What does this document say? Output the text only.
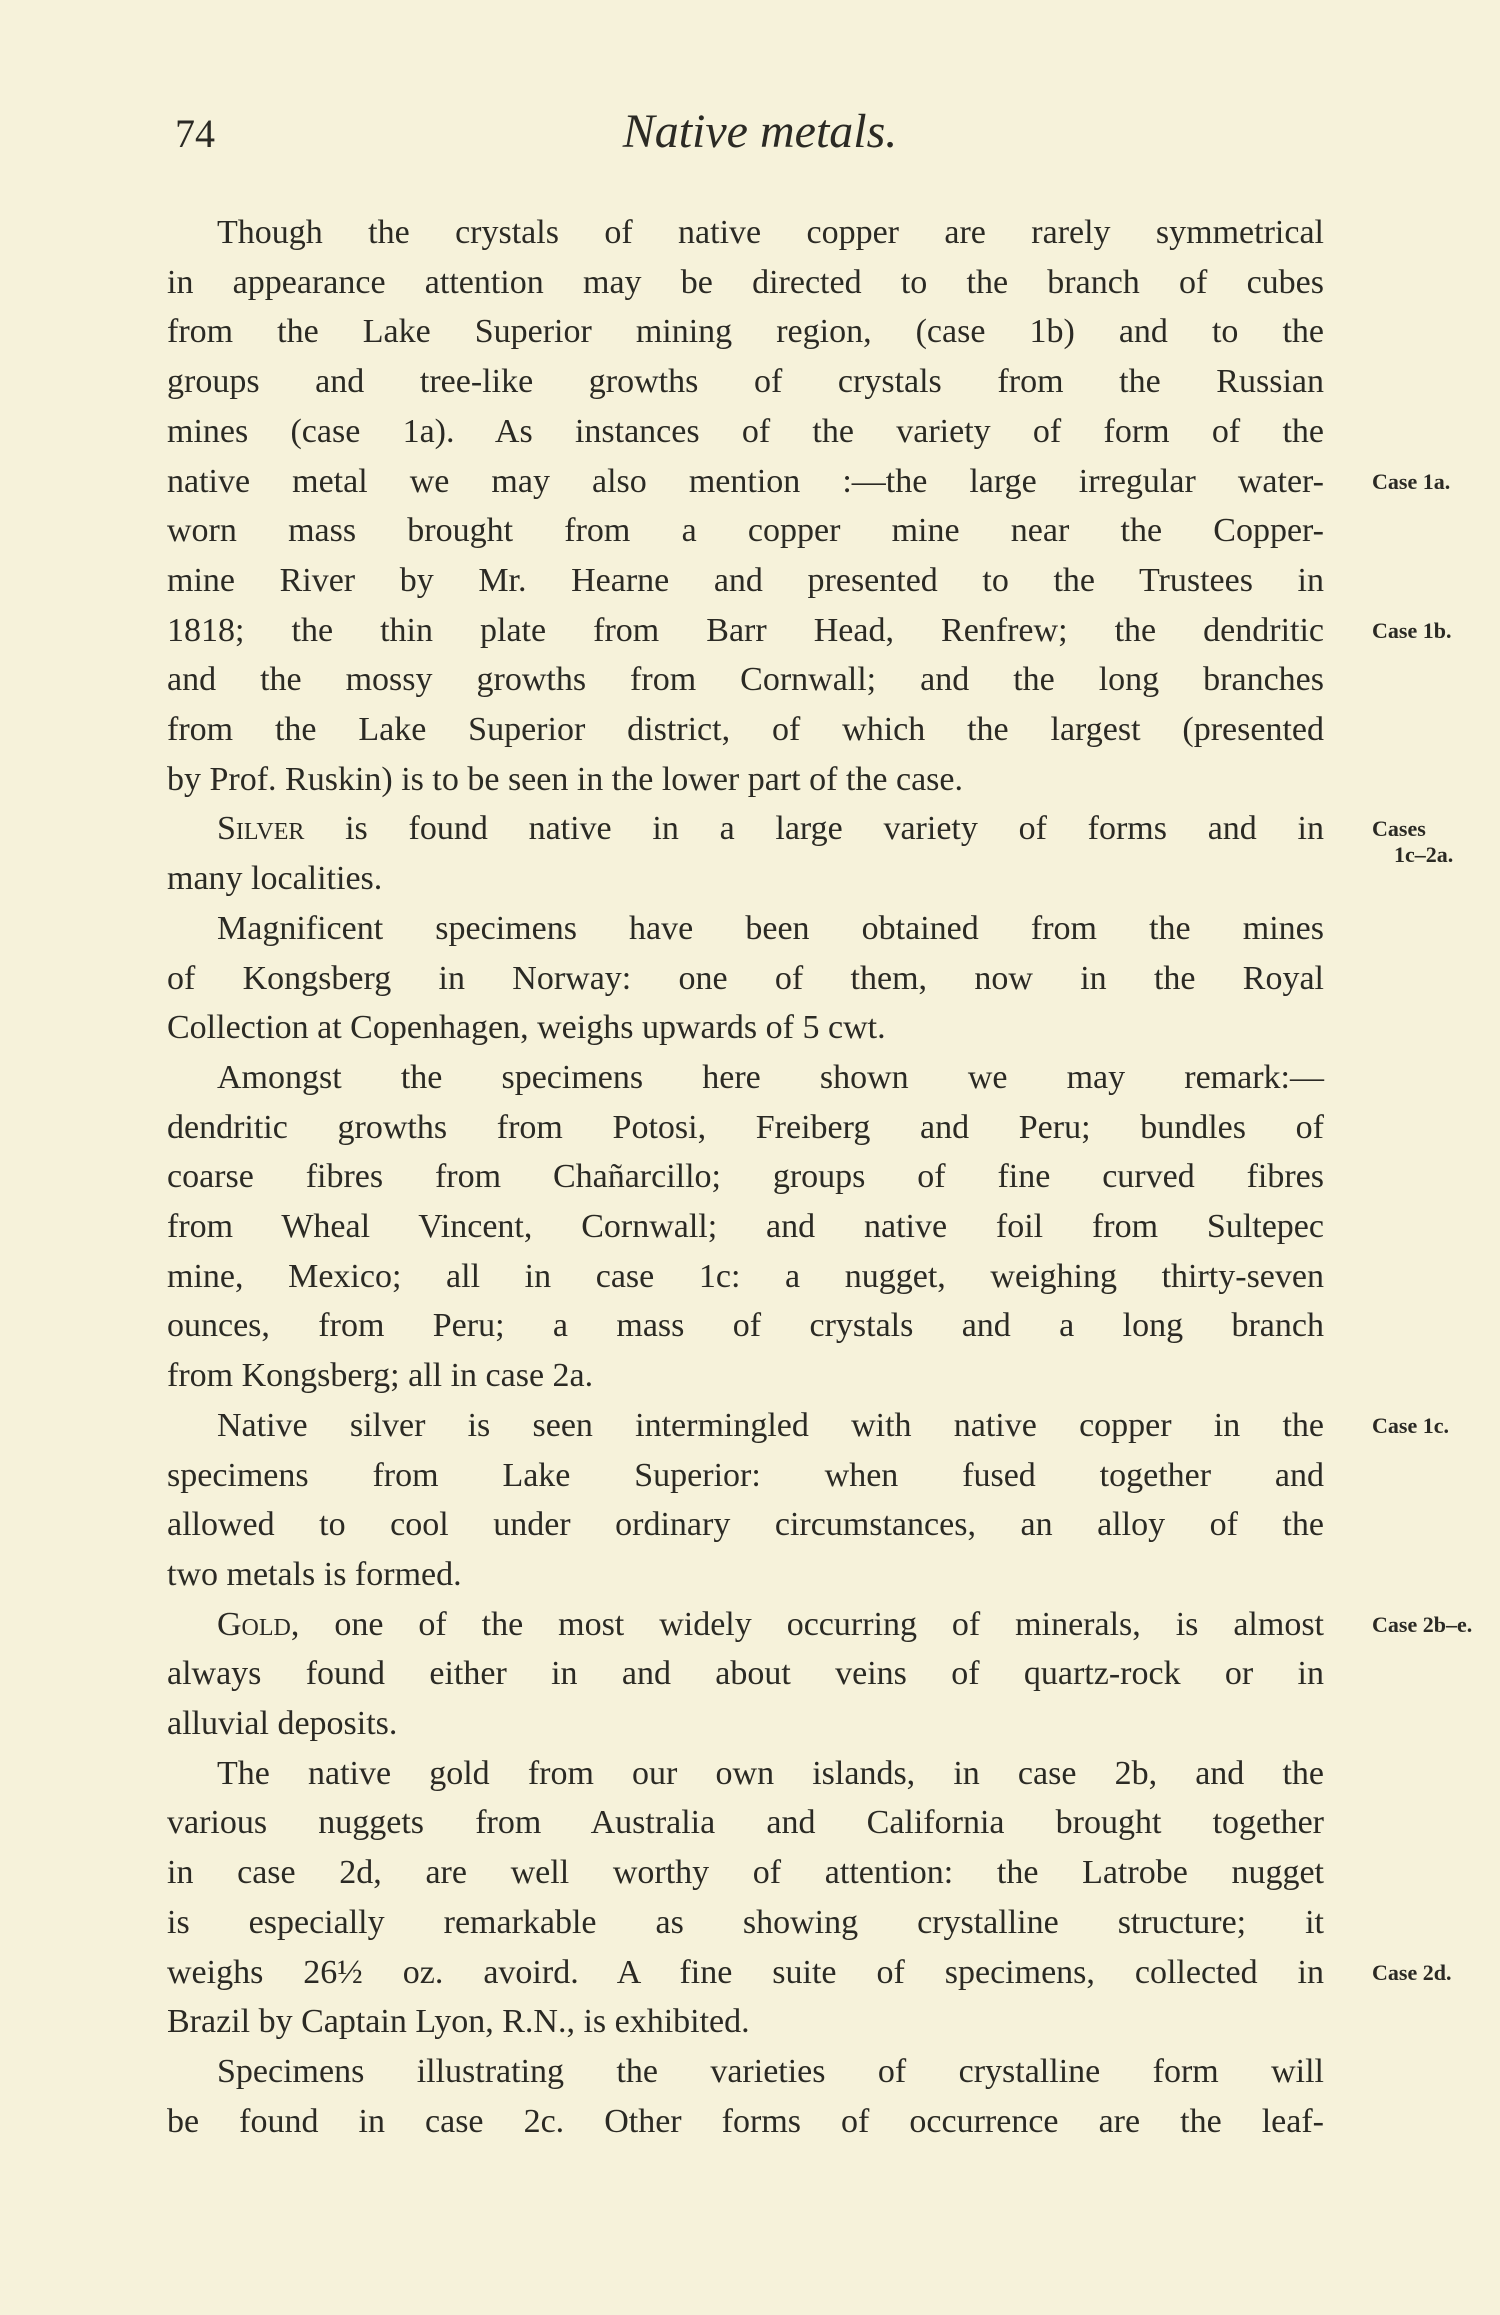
74	Native metals.
Though the crystals of native copper are rarely symmetrical
in appearance attention may be directed to the branch of cubes
from the Lake Superior mining region, (case 1b) and to the
groups and tree-like growths of crystals from the Russian
mines (case 1a). As instances of the variety of form of the
native metal we may also mention :—the large irregular water- Case 1a.
worn mass brought from a copper mine near the Copper-
mine River by Mr. Hearne and presented to the Trustees in
1818; the thin plate from Barr Head, Renfrew; the dendritic Case 1b.
and the mossy growths from Cornwall; and the long branches
from the Lake Superior district, of which the largest (presented
by Prof. Ruskin) is to be seen in the lower part of the case.
Silver is found native in a large variety of forms and in Cases
1c–2a.
many localities.
Magnificent specimens have been obtained from the mines
of Kongsberg in Norway: one of them, now in the Royal
Collection at Copenhagen, weighs upwards of 5 cwt.
Amongst the specimens here shown we may remark:—
dendritic growths from Potosi, Freiberg and Peru; bundles of
coarse fibres from Chañarcillo; groups of fine curved fibres
from Wheal Vincent, Cornwall; and native foil from Sultepec
mine, Mexico; all in case 1c: a nugget, weighing thirty-seven
ounces, from Peru; a mass of crystals and a long branch
from Kongsberg; all in case 2a.
Native silver is seen intermingled with native copper in the Case 1c.
specimens from Lake Superior: when fused together and
allowed to cool under ordinary circumstances, an alloy of the
two metals is formed.
Gold, one of the most widely occurring of minerals, is almost Case 2b–e.
always found either in and about veins of quartz-rock or in
alluvial deposits.
The native gold from our own islands, in case 2b, and the
various nuggets from Australia and California brought together
in case 2d, are well worthy of attention: the Latrobe nugget
is especially remarkable as showing crystalline structure; it
weighs 26½ oz. avoird. A fine suite of specimens, collected in Case 2d.
Brazil by Captain Lyon, R.N., is exhibited.
Specimens illustrating the varieties of crystalline form will
be found in case 2c. Other forms of occurrence are the leaf-
